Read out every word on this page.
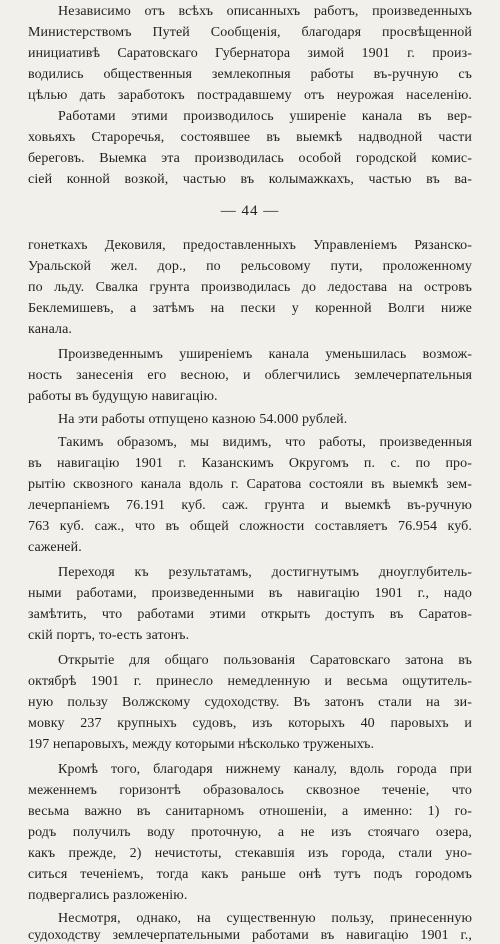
Независимо отъ всѣхъ описанныхъ работъ, произведенныхъ

Министерствомъ Путей Сообщенія, благодаря просвѣщенной

инициативѣ Саратовскаго Губернатора зимой 1901 г. произ-

водились общественныя землекопныя работы въ-ручную съ

цѣлью дать заработокъ пострадавшему отъ неурожая населенію.

Работами этими производилось уширеніе канала въ вер-

ховьяхъ Староречья, состоявшее въ выемкѣ надводной части

береговъ. Выемка эта производилась особой городской комис-

сіей конной возкой, частью въ колымажкахъ, частью въ ва-

— 44 —

гонеткахъ Дековиля, предоставленныхъ Управленіемъ Рязанско-

Уральской жел. дор., по рельсовому пути, проложенному

по льду. Свалка грунта производилась до ледостава на островъ

Беклемишевъ, а затѣмъ на пески у коренной Волги ниже

канала.

Произведеннымъ уширеніемъ канала уменьшилась возмож-

ность занесенія его весною, и облегчились землечерпательныя

работы въ будущую навигацію.

На эти работы отпущено казною 54.000 рублей.

Такимъ образомъ, мы видимъ, что работы, произведенныя

въ навигацію 1901 г. Казанскимъ Округомъ п. с. по про-

рытію сквозного канала вдоль г. Саратова состояли въ выемкѣ зем-

лечерпаніемъ 76.191 куб. саж. грунта и выемкѣ въ-ручную

763 куб. саж., что въ общей сложности составляетъ 76.954 куб.

саженей.

Переходя къ результатамъ, достигнутымъ дноуглубитель-

ными работами, произведенными въ навигацію 1901 г., надо

замѣтить, что работами этими открыть доступъ въ Саратов-

скій портъ, то-есть затонъ.

Открытіе для общаго пользованія Саратовскаго затона въ

октябрѣ 1901 г. принесло немедленную и весьма ощутитель-

ную пользу Волжскому судоходству. Въ затонъ стали на зи-

мовку 237 крупныхъ судовъ, изъ которыхъ 40 паровыхъ и

197 непаровыхъ, между которыми нѣсколько труженыхъ.

Кромѣ того, благодаря нижнему каналу, вдоль города при

меженнемъ горизонтѣ образовалось сквозное теченіе, что

весьма важно въ санитарномъ отношеніи, а именно: 1) го-

родъ получилъ воду проточную, а не изъ стоячаго озера,

какъ прежде, 2) нечистоты, стекавшія изъ города, стали уно-

ситься теченіемъ, тогда какъ раньше онѣ тутъ подъ городомъ

подвергались разложенію.

Несмотря, однако, на существенную пользу, принесенную

судоходству землечерпательными работами въ навигацію 1901 г.,
